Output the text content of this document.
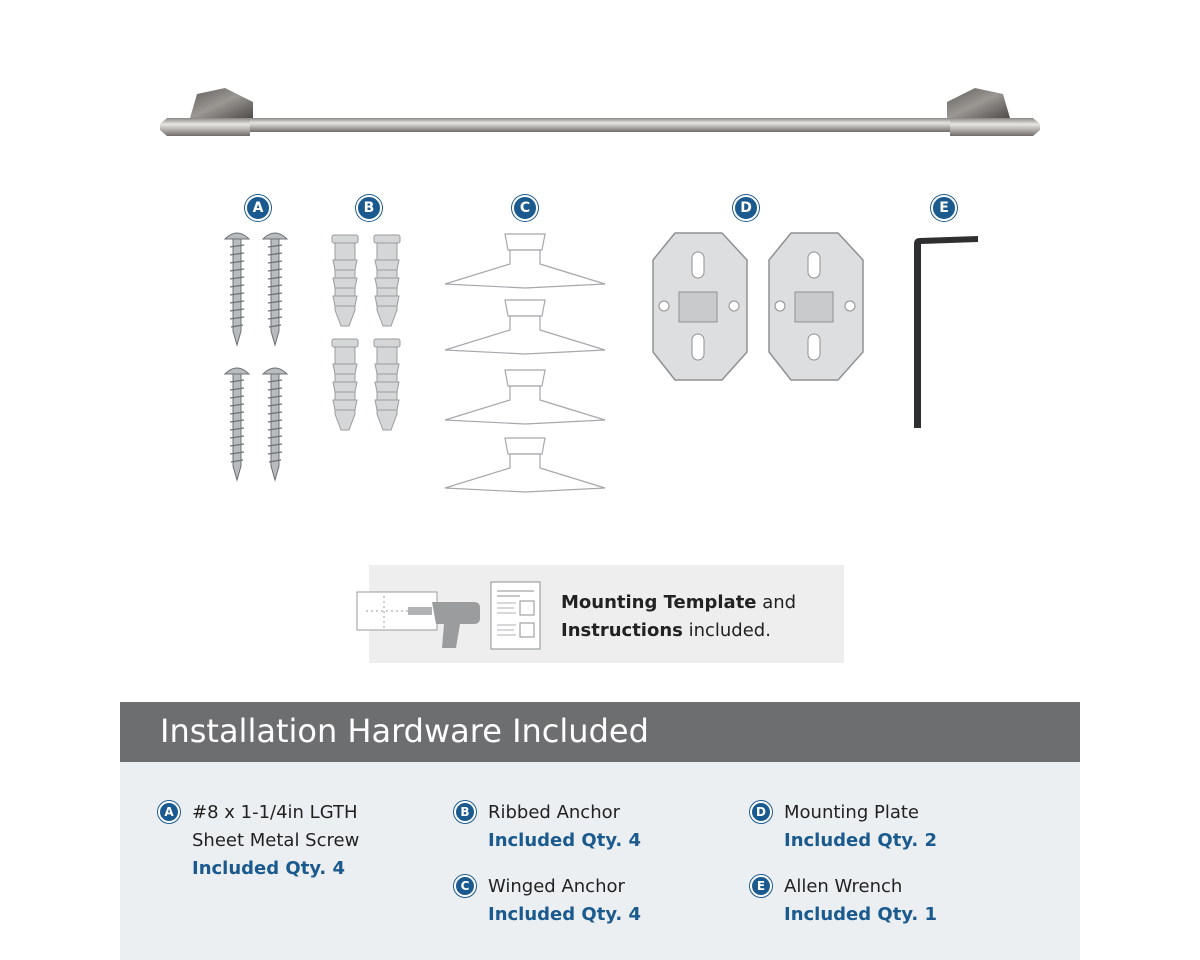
A	B	C	D	E
Mounting Template and
Instructions included.
Installation Hardware Included
A	#8 x 1-1/4in LGTH
Sheet Metal Screw
Included Qty. 4
B	Ribbed Anchor
Included Qty. 4
C	Winged Anchor
Included Qty. 4
D	Mounting Plate
Included Qty. 2
E	Allen Wrench
Included Qty. 1
